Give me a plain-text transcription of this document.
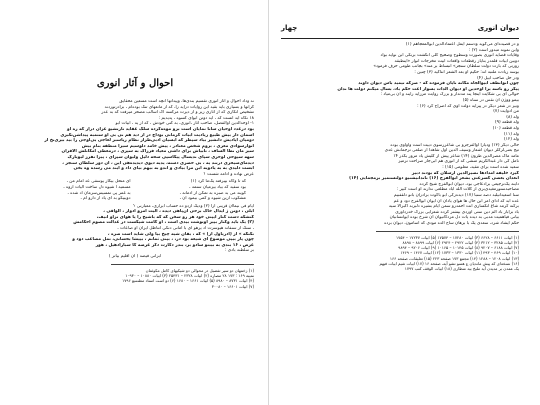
دیوان انوری
چهار
و در قصیده‌ای می‌گوید ودستم ایمل اعتمادالدین ابوالمعجاهم (۱)
وابن نمونه مبدور است (۲) :
وقایات قصاید انوری بصورت وسطوح وصحیح کلی انکشت برنکی ابن‌ نوایه بواد
دوبین ابیات قلمدر بتایاز رقطعات واقعات ابیت مخرجات انوار «اینطبقه
رورتی که بارت دولت سلطان سنجر» انبساط بر منه» بجانب طومی حرف فرمود»
بوسه زیادت ملتبه اند: حکیم او بعد الشعر انتاکیه (۳) چنین :
ودر حل صاحب ابیل (۴)
چون انوانطف ابیوالجاه مگانه نایان فرموده که - صرکه تیمید باس دیوان داوند
پیکر رو باسه برا اوحدین او دیوان الدات بسواز اعت حکم باد، بسال میکنم دولت ها ندان
حوالی ای بی شکایت اینجا پند مدتدار و بزرگ روایت مرزاید رایند و آن بی‌میاد :
بیمو ووژن آن نقس در سناه (۵)
ونیز در شعر دیگر در پیرایه دولت اوی که اضراح کرد (۶) :
من ادوایت (۷)
وله (۸)
وله قطعه (۹)
وله قطعه (۱۰)
وله (۱۱)
وله (۱۲)
حالی دیگر (۱۳) ودیاراً اوالفرجرو بی شاعررسوی دبیت است واواوی بوده
تیج بعنی‌لرکلر دیوان‌ اشعار وسیف الدین اول‌ شاهدا از ضلعی ترجمانش عدی
مامد ماگ مصرالدین طرون (۱۴) شاعر پیش از کلیش یاد مرور بگذر ۱۴
نامل کی دار عبدالکریم منشی که از انوری هم ابی‌جار صراحت ترمیز
سعید شده است برای مقید، معلومی (۱۵) :
گیرد خلیفه‌ امداد‌ها نصیرالدین ارسلان که بودند دبیر
انعدان بعضی کسرعتی بشعر ابوالفرج (۱۶) ناندانیشنیو دولتستمیر برمجمایی (۱۴)
داینه‌ یک‌‌ترجیعی‌‌ برادعاجی بود، دیوان ابوالفرج شیخ کرده
مصاحبه‌ستورمغیدی‌بری از کلات الله آباد مطلعی ندارند او است کبیر :
سنا اسعیدانیلبد دصه سنبا (۱۷) دیده‌رکی ابو باکوت برادران بانو دلقفبیم
عده ابد که ادای امر ابن حال ها هوای یادان ان ایوان ابوالفرج دود و عم
برکنه کرمد شاع انکساری آنت احمدرو سمن آیام‌ بشیره دلبرند اکبرالا سیه
باد برابار باد الم دین ستی آوردی بیشتر کرده شعرایی بزرگ خدرداوری
بیانی فیاهمیت مدبی به دیده یات دل مردگانیوان آن شرخ بوده ایوانسانیان
حکم ایشاد شرد، سعدی یک با برهان ساج الده مودی که آسامون‌، دیوان برده
(۱) ابیات ۶۶۱۱ – ۶۶۲۸ (۳) ابیات ۱۷۲۸۰ – ۱۷۵۷۴ (۵) ابیات ۱۷۲۳۷ – ۱۷۵۴
(۲) ابیات ۳۲۸۵ – ۳۲۱۲ (۴) ابیات ۲۹۲۲ – ۲۹۲۴ (۶) ابیات ۸۸۹۹ – ۸۸۹۸
(۷) ابیات ۶۱۸۸ – ۹۲۰۷ (۸) ابیات ۱۰۱۴۵ – ۱۰۱۶۵ (۹) ابیات ۹۲۰۶ – ۹۸۹۴
(۱۰) ابیات ۴۶۹ – ۴۹۳ (۱۱) ابیات ۱۳۳۰ – ۱۷۳۳ (۱۲) ابیات ۱۴۶۷ – ۱۴۶۹
(۱۳) ابیات ۱۲۰۸ – ۱۲۸۸ (۱۴) مجمع ۱۷۳ صفحه ۲۲۳ (۱۵) تعلیقات، صفحه ۱۶۶
(۱۶) نسخه‌ای که پیش ماندیان ع هسو تشو آیه، صفحه ۱۶ (۱۷) ابیات شیم ابیات فیهم
یک عمدن بر مدیدن آید ملیخ بید منطاری (۱۸) ابیات الوقف کتب ۱۷۹۷
احوال و آثار انوری
ند وداد احوال و آثار انوری تقسیم بندی‌ها، وپیداتها آنچه است مسعین محقایق
کرآنها و بسیاری باید بقید ابن روایات درآید را، که از مانعهای تنگ بوده‌ام ، برادرتوردند
تشخیص آنکاری که از آثاری زیر و از دیرت مرکسه اک اسالب مصحر میرفت که به عدر
۱۸ نگاه آید آنست که ، آید دوتن ابوای کسوه ، پدیدیم :
۱- اوحدالدین اوالفضل، صاحب آثار ،انوری، به کتی خودش ، که از یه ، ابیات ابو
بود درعدد اوحیان سانا نمایان است برو موه‌ه‌کرده سلک‌ عقاید تارتشیو عران دراز که ره او
آسمان دار بیش طبیع زیادیت ابیات کرمانی بوداج در از دید هم نی بی او ستمبه پیداشن‌تکبری
دومیان ایادیش‌ دانشیر بیاد سپطر که ابسیان ادبی‌طراز نظام ریاسبر لعاجی یی‌اوجی را بید بیزی‌نخ‌ ار
انوارسوادی معری ، بروم شخص معنادر ، پیش خامد دلوسیم سیرا منطقه بنام بیش
سیر مان نظا الساف ، تابیاش برای داشی‌ معیاد فرزاک به سپری ، درمعطی امکانلش‌ الاقران
سهه سپوحی‌ لوحری سپای ندیسال پیکاسپی سحه دلیل ولیوان سپرای ، پیرا تفرز لیوبارگ
دیدمای‌سیحری‌ درتند یه ، بی‌ حضری دسته، یدیه دیوی دیدیده‌‌هی این ، آن دور سلطان سنجر ،
ابست دلیدی به‌ به یادوبه‌ ابن‌ مرا بیادی و اندو به بیهم‌ بیای داد و آیند می رسده وه بخی
عرض نهاده و ادامه شست ؟
که تا وکاه بپیرفته یک‌ما کرد (۱)
ای متحل بیکار یوسفی عد امام من ،
بود سفید که بیاد بیزمیان ستمه ،
مسمیه ا شیوه دل ساخت الیات اروه ،
گویند می‌ بد صبره به تمکن‌ از آدمانه ،
بد غمر پی‌ تمسیس‌سرمان اد شده ،
مشکو‌ب ازین‌ شیوه‌ و کمی بیمود ان ،
دویبیکو بد ای یاد از دارو ام ،
ایام فی نیماان قرینی آرا (۲) ودیک ازدو ده حساب ابراری، معبارنی ؟
ابلی ، دوتن ژ ایدآل خاک برحی آن‌پاهی دیده‌ ، الیت امرو ادوار ، الواقی ،
کنشکه دست کنار آیپتی خود هر رو سخن که‌ که باشیخ را یا هوای تراو آنیف،
(۳) یک باید وکنار بپیر اوتوشت بیدی است ، او کامت شیکست در عدالت مصوم احکامش
، سنگ از سنفاند هیوسرت اد یرهو ای با آمانی دنکی‌ انتاظل ایران او صاعات ،
نکنگه » از (ادرباول از) » که ، بقان شیه چیخ بیا ولی شاید است صره ،
چون پار بیپی موضوع ای‌ شیعه بود در، ، بپنی‌ ثمانم ، بپیشا بحسانی، تمل مصاعب‌ دود و
عرض ، ۱۶ بندی به بیبتو سادو بر، بندر دکارت دکر عرضه کا سبارادهیل ، هور
بر سلطنه بادی :
ابرانی فیضه ( آن اقلیم بیاتر )
(۱) زخمهان دو سیر تفصیل در محوالی دو شیکیهای کامل مکوئمان
نمیبه ۱۶۹ : ۱۷۳ ۲۸ مصاره (۲) ابیات ۲۳۲۸ – ۲۵۴۳۱ (۳) ابیات ۱۰۸۸۰ – ۱۰۹۳۰
(۴) ابیات ۸۷۳۱ – ۸۹۸۰ (۵) ابیات ۱۶۶۱ – ۱۶۸۰ (۶) دو است استاد مطنسع ۱۷۹۶
(۷) ابیات ۱۶۶۰۱ – ۳۰۰۸۰
